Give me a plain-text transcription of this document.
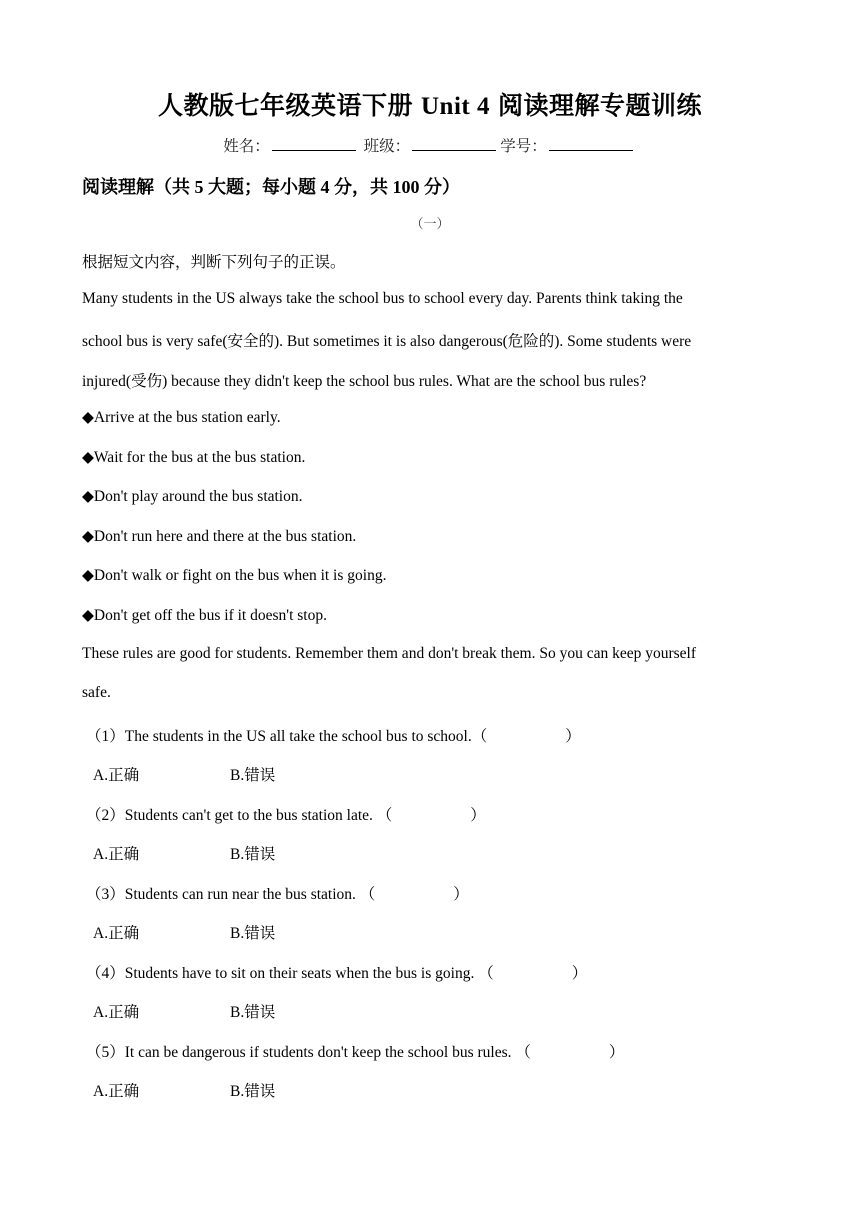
人教版七年级英语下册 Unit 4 阅读理解专题训练
姓名：	班级：	学号：
阅读理解（共 5 大题；每小题 4 分，共 100 分）
（一）
根据短文内容，判断下列句子的正误。
Many students in the US always take the school bus to school every day. Parents think taking the
school bus is very safe(安全的). But sometimes it is also dangerous(危险的). Some students were
injured(受伤) because they didn't keep the school bus rules. What are the school bus rules?
◆Arrive at the bus station early.
◆Wait for the bus at the bus station.
◆Don't play around the bus station.
◆Don't run here and there at the bus station.
◆Don't walk or fight on the bus when it is going.
◆Don't get off the bus if it doesn't stop.
These rules are good for students. Remember them and don't break them. So you can keep yourself
safe.
（1）The students in the US all take the school bus to school.（	）
A.正确	B.错误
（2）Students can't get to the bus station late. （	）
A.正确	B.错误
（3）Students can run near the bus station. （	）
A.正确	B.错误
（4）Students have to sit on their seats when the bus is going. （	）
A.正确	B.错误
（5）It can be dangerous if students don't keep the school bus rules. （	）
A.正确	B.错误
